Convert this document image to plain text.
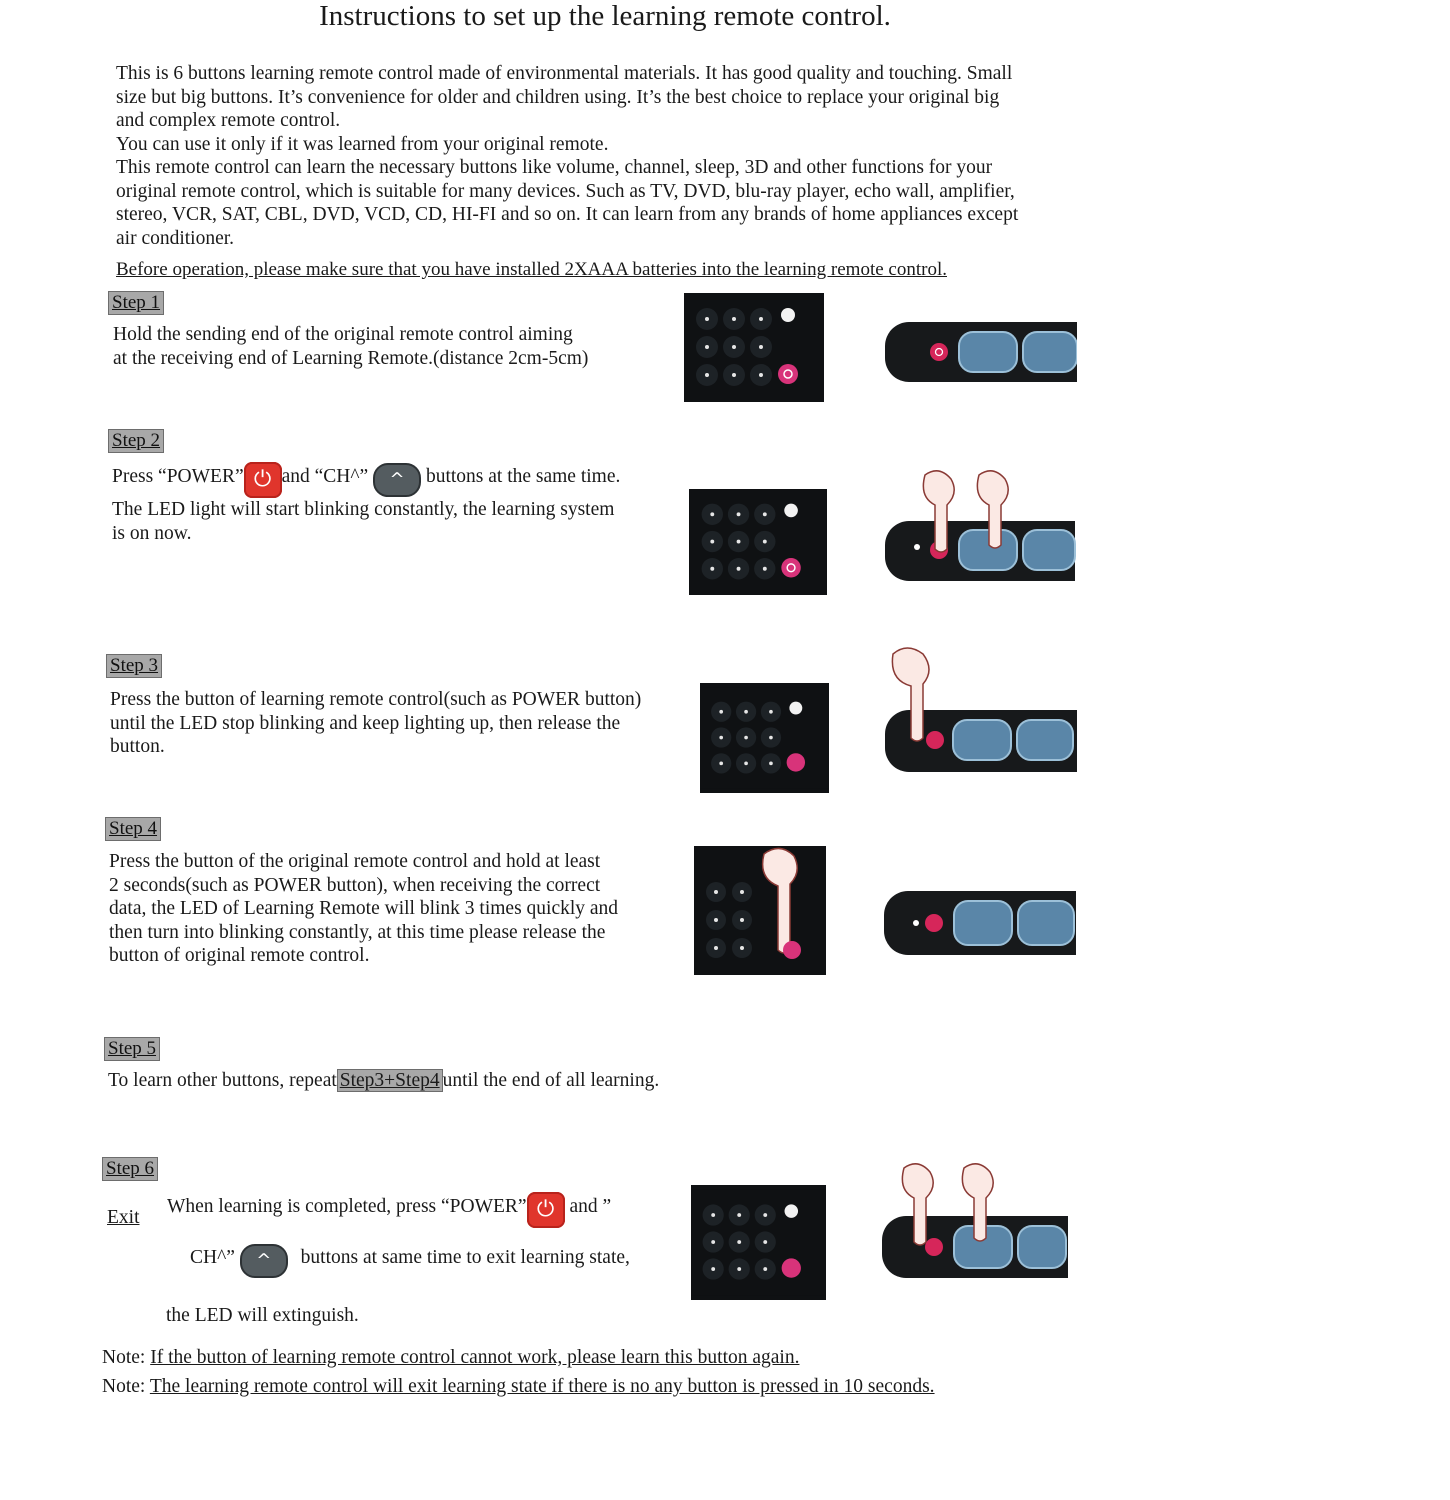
Instructions to set up the learning remote control.
This is 6 buttons learning remote control made of environmental materials. It has good quality and touching. Small
size but big buttons. It’s convenience for older and children using. It’s the best choice to replace your original big
and complex remote control.
You can use it only if it was learned from your original remote.
This remote control can learn the necessary buttons like volume, channel, sleep, 3D and other functions for your
original remote control, which is suitable for many devices. Such as TV, DVD, blu-ray player, echo wall, amplifier,
stereo, VCR, SAT, CBL, DVD, VCD, CD, HI-FI and so on. It can learn from any brands of home appliances except
air conditioner.
Before operation, please make sure that you have installed 2XAAA batteries into the learning remote control.
Step 1
Hold the sending end of the original remote control aiming
at the receiving end of Learning Remote.(distance 2cm-5cm)
Step 2
Press “POWER” ⏻ and “CH^” ^ buttons at the same time.
The LED light will start blinking constantly, the learning system
is on now.
Step 3
Press the button of learning remote control(such as POWER button)
until the LED stop blinking and keep lighting up, then release the
button.
Step 4
Press the button of the original remote control and hold at least
2 seconds(such as POWER button), when receiving the correct
data, the LED of Learning Remote will blink 3 times quickly and
then turn into blinking constantly, at this time please release the
button of original remote control.
Step 5
To learn other buttons, repeat Step3+Step4 until the end of all learning.
Step 6
Exit
When learning is completed, press “POWER” ⏻ and ”
CH^” ^ buttons at same time to exit learning state,
the LED will extinguish.
Note: If the button of learning remote control cannot work, please learn this button again.
Note: The learning remote control will exit learning state if there is no any button is pressed in 10 seconds.
